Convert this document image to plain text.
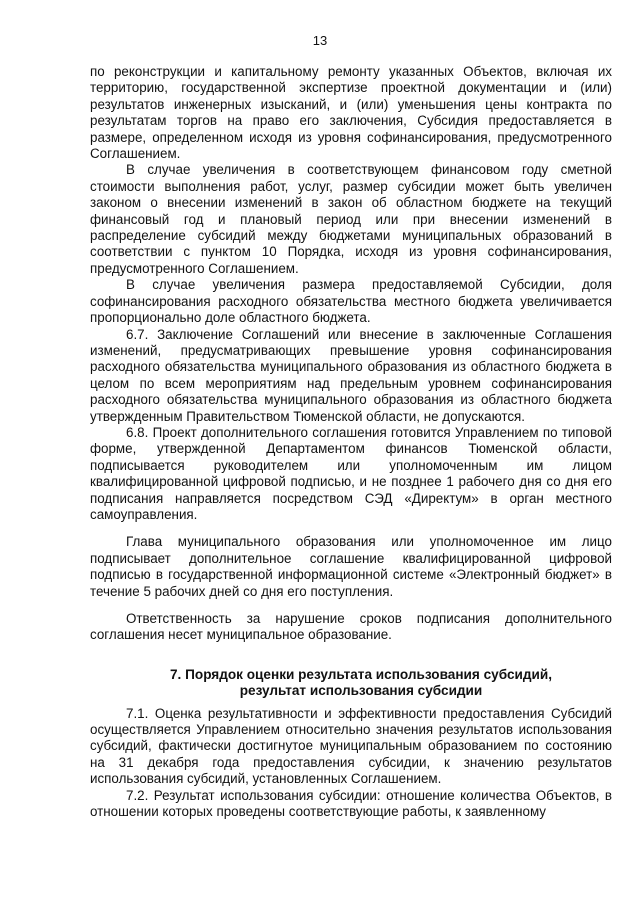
13

по реконструкции и капитальному ремонту указанных Объектов, включая их территорию, государственной экспертизе проектной документации и (или) результатов инженерных изысканий, и (или) уменьшения цены контракта по результатам торгов на право его заключения, Субсидия предоставляется в размере, определенном исходя из уровня софинансирования, предусмотренного Соглашением.

В случае увеличения в соответствующем финансовом году сметной стоимости выполнения работ, услуг, размер субсидии может быть увеличен законом о внесении изменений в закон об областном бюджете на текущий финансовый год и плановый период или при внесении изменений в распределение субсидий между бюджетами муниципальных образований в соответствии с пунктом 10 Порядка, исходя из уровня софинансирования, предусмотренного Соглашением.

В случае увеличения размера предоставляемой Субсидии, доля софинансирования расходного обязательства местного бюджета увеличивается пропорционально доле областного бюджета.

6.7. Заключение Соглашений или внесение в заключенные Соглашения изменений, предусматривающих превышение уровня софинансирования расходного обязательства муниципального образования из областного бюджета в целом по всем мероприятиям над предельным уровнем софинансирования расходного обязательства муниципального образования из областного бюджета утвержденным Правительством Тюменской области, не допускаются.

6.8. Проект дополнительного соглашения готовится Управлением по типовой форме, утвержденной Департаментом финансов Тюменской области, подписывается руководителем или уполномоченным им лицом квалифицированной цифровой подписью, и не позднее 1 рабочего дня со дня его подписания направляется посредством СЭД «Директум» в орган местного самоуправления.

Глава муниципального образования или уполномоченное им лицо подписывает дополнительное соглашение квалифицированной цифровой подписью в государственной информационной системе «Электронный бюджет» в течение 5 рабочих дней со дня его поступления.

Ответственность за нарушение сроков подписания дополнительного соглашения несет муниципальное образование.

7. Порядок оценки результата использования субсидий,
результат использования субсидии

7.1. Оценка результативности и эффективности предоставления Субсидий осуществляется Управлением относительно значения результатов использования субсидий, фактически достигнутое муниципальным образованием по состоянию на 31 декабря года предоставления субсидии, к значению результатов использования субсидий, установленных Соглашением.

7.2. Результат использования субсидии: отношение количества Объектов, в отношении которых проведены соответствующие работы, к заявленному
